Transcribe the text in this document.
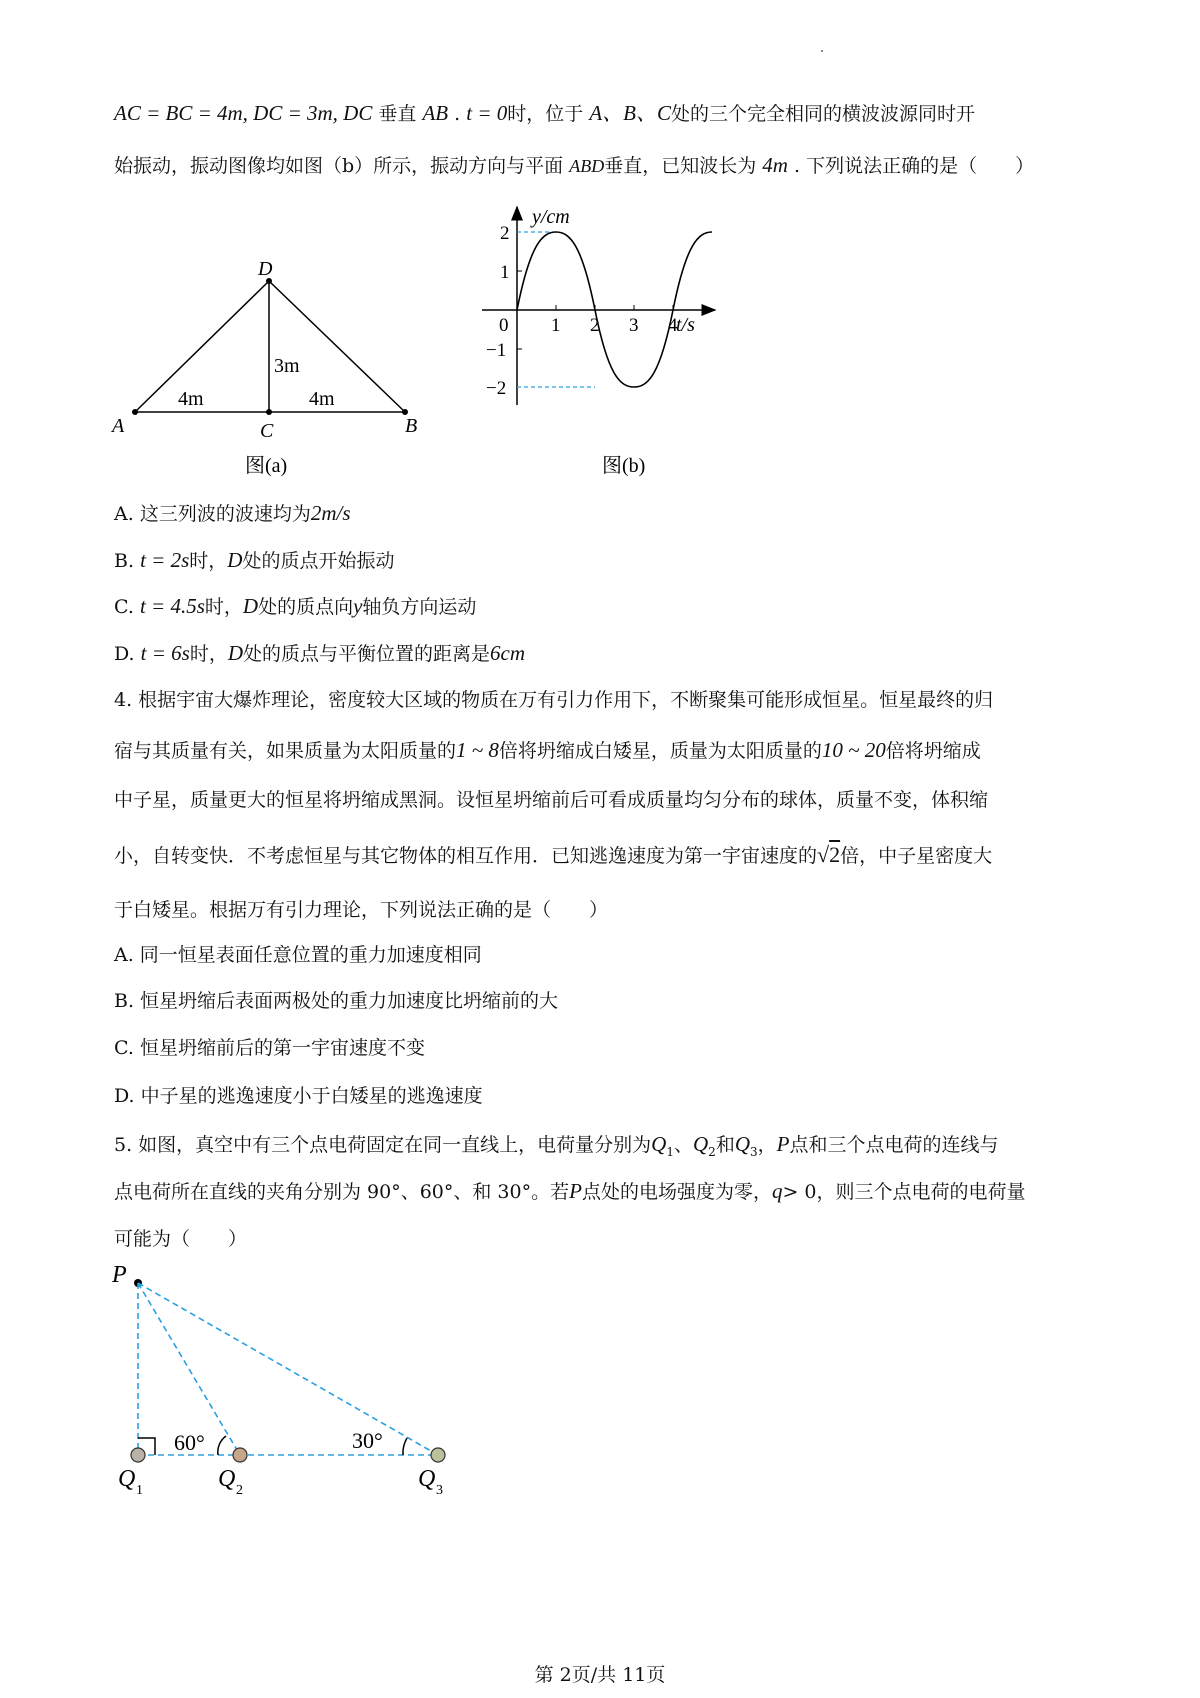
AC = BC = 4m, DC = 3m, DC 垂直 AB . t = 0时，位于 A、B、C处的三个完全相同的横波波源同时开
始振动，振动图像均如图（b）所示，振动方向与平面 ABD垂直，已知波长为 4m . 下列说法正确的是（　　）
D
A	C	B
3m
4m	4m
图(a)
y/cm
t/s
0 1 2 3 4
2
1
−1
−2
图(b)
A. 这三列波的波速均为2m/s
B. t = 2s时，D处的质点开始振动
C. t = 4.5s时，D处的质点向y轴负方向运动
D. t = 6s时，D处的质点与平衡位置的距离是6cm
4. 根据宇宙大爆炸理论，密度较大区域的物质在万有引力作用下，不断聚集可能形成恒星。恒星最终的归
宿与其质量有关，如果质量为太阳质量的1 ~ 8倍将坍缩成白矮星，质量为太阳质量的10 ~ 20倍将坍缩成
中子星，质量更大的恒星将坍缩成黑洞。设恒星坍缩前后可看成质量均匀分布的球体，质量不变，体积缩
小，自转变快．不考虑恒星与其它物体的相互作用．已知逃逸速度为第一宇宙速度的√2倍，中子星密度大
于白矮星。根据万有引力理论，下列说法正确的是（　　）
A. 同一恒星表面任意位置的重力加速度相同
B. 恒星坍缩后表面两极处的重力加速度比坍缩前的大
C. 恒星坍缩前后的第一宇宙速度不变
D. 中子星的逃逸速度小于白矮星的逃逸速度
5. 如图，真空中有三个点电荷固定在同一直线上，电荷量分别为$Q_1$、$Q_2$和$Q_3$，P点和三个点电荷的连线与
点电荷所在直线的夹角分别为 90°、60°、和 30°。若P点处的电场强度为零，q> 0，则三个点电荷的电荷量
可能为（　　）
P
60°	30°
Q 1	Q 2	Q 3
第 2页/共 11页
